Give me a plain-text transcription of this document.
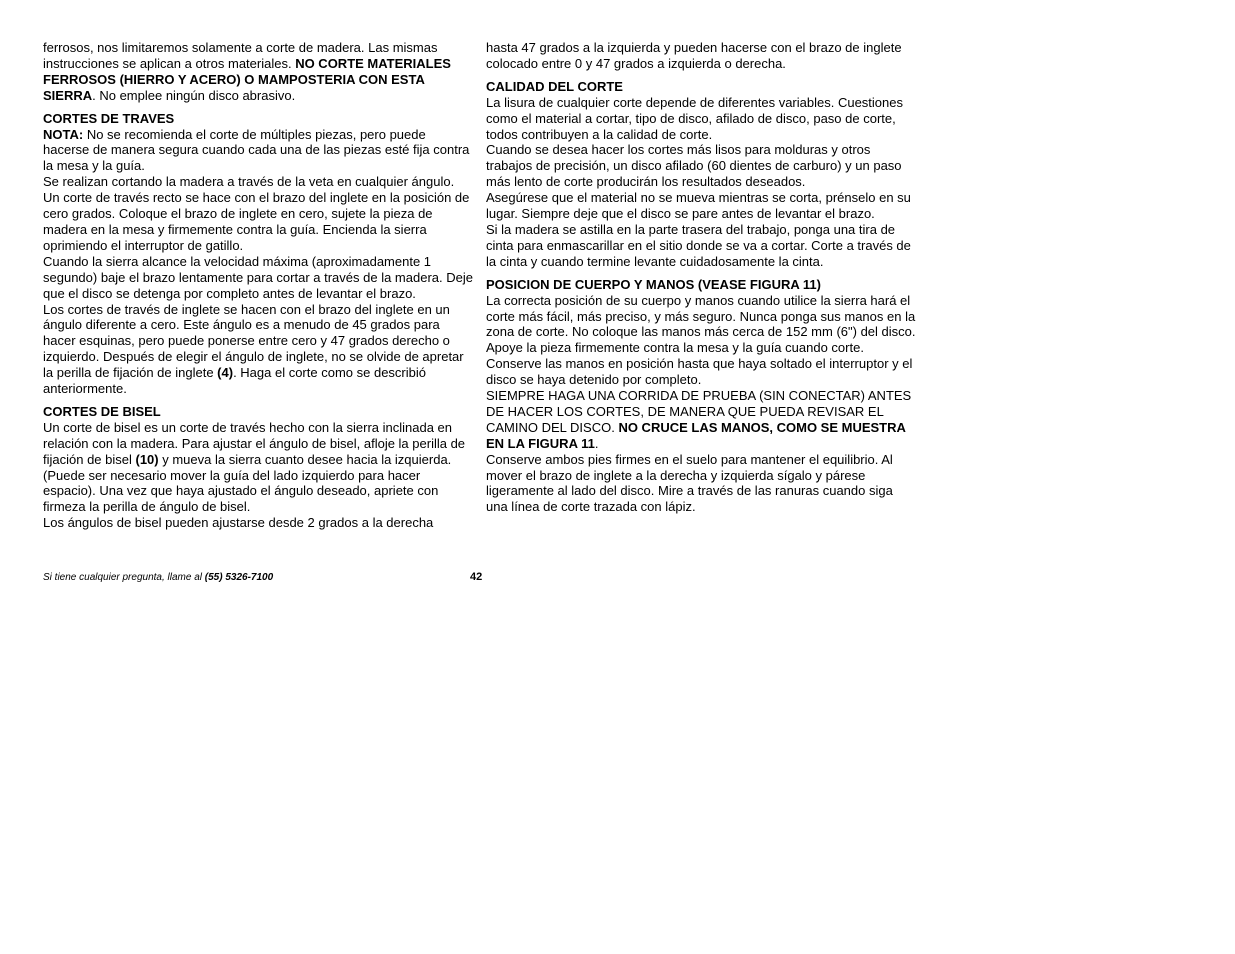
ferrosos, nos limitaremos solamente a corte de madera. Las mismas instrucciones se aplican a otros materiales. NO CORTE MATERIALES FERROSOS (HIERRO Y ACERO) O MAMPOSTERIA CON ESTA SIERRA. No emplee ningún disco abrasivo.

CORTES DE TRAVES

NOTA: No se recomienda el corte de múltiples piezas, pero puede hacerse de manera segura cuando cada una de las piezas esté fija contra la mesa y la guía.

Se realizan cortando la madera a través de la veta en cualquier ángulo. Un corte de través recto se hace con el brazo del inglete en la posición de cero grados. Coloque el brazo de inglete en cero, sujete la pieza de madera en la mesa y firmemente contra la guía. Encienda la sierra oprimiendo el interruptor de gatillo.

Cuando la sierra alcance la velocidad máxima (aproximadamente 1 segundo) baje el brazo lentamente para cortar a través de la madera. Deje que el disco se detenga por completo antes de levantar el brazo.

Los cortes de través de inglete se hacen con el brazo del inglete en un ángulo diferente a cero. Este ángulo es a menudo de 45 grados para hacer esquinas, pero puede ponerse entre cero y 47 grados derecho o izquierdo. Después de elegir el ángulo de inglete, no se olvide de apretar la perilla de fijación de inglete (4). Haga el corte como se describió anteriormente.

CORTES DE BISEL

Un corte de bisel es un corte de través hecho con la sierra inclinada en relación con la madera. Para ajustar el ángulo de bisel, afloje la perilla de fijación de bisel (10) y mueva la sierra cuanto desee hacia la izquierda. (Puede ser necesario mover la guía del lado izquierdo para hacer espacio). Una vez que haya ajustado el ángulo deseado, apriete con firmeza la perilla de ángulo de bisel.

Los ángulos de bisel pueden ajustarse desde 2 grados a la derecha

hasta 47 grados a la izquierda y pueden hacerse con el brazo de inglete colocado entre 0 y 47 grados a izquierda o derecha.

CALIDAD DEL CORTE

La lisura de cualquier corte depende de diferentes variables. Cuestiones como el material a cortar, tipo de disco, afilado de disco, paso de corte, todos contribuyen a la calidad de corte.

Cuando se desea hacer los cortes más lisos para molduras y otros trabajos de precisión, un disco afilado (60 dientes de carburo) y un paso más lento de corte producirán los resultados deseados.

Asegúrese que el material no se mueva mientras se corta, prénselo en su lugar. Siempre deje que el disco se pare antes de levantar el brazo.

Si la madera se astilla en la parte trasera del trabajo, ponga una tira de cinta para enmascarillar en el sitio donde se va a cortar. Corte a través de la cinta y cuando termine levante cuidadosamente la cinta.

POSICION DE CUERPO Y MANOS (VEASE FIGURA 11)

La correcta posición de su cuerpo y manos cuando utilice la sierra hará el corte más fácil, más preciso, y más seguro. Nunca ponga sus manos en la zona de corte. No coloque las manos más cerca de 152 mm (6") del disco. Apoye la pieza firmemente contra la mesa y la guía cuando corte. Conserve las manos en posición hasta que haya soltado el interruptor y el disco se haya detenido por completo.

SIEMPRE HAGA UNA CORRIDA DE PRUEBA (SIN CONECTAR) ANTES DE HACER LOS CORTES, DE MANERA QUE PUEDA REVISAR EL CAMINO DEL DISCO. NO CRUCE LAS MANOS, COMO SE MUESTRA EN LA FIGURA 11.

Conserve ambos pies firmes en el suelo para mantener el equilibrio. Al mover el brazo de inglete a la derecha y izquierda sígalo y párese ligeramente al lado del disco. Mire a través de las ranuras cuando siga una línea de corte trazada con lápiz.

Si tiene cualquier pregunta, llame al (55) 5326-7100	42
